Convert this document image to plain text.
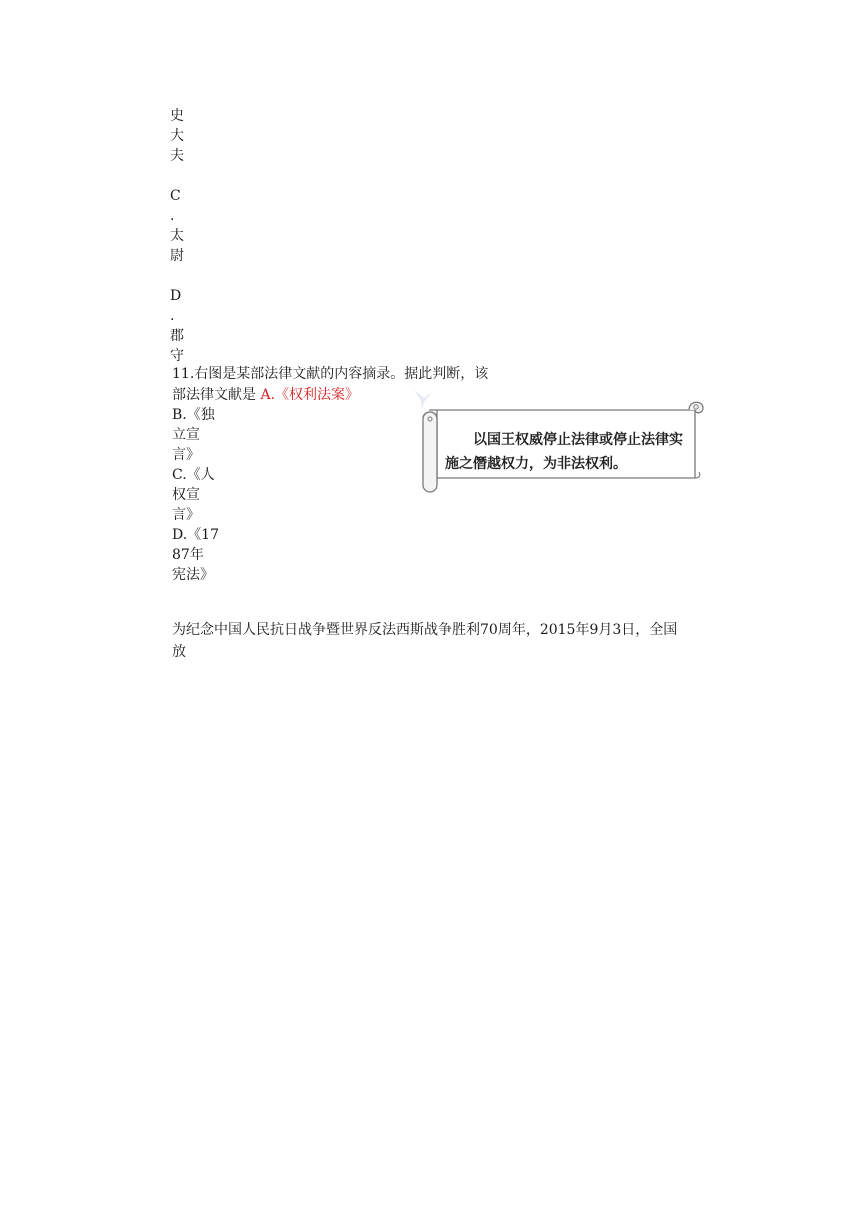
史
大
夫
C
.
太
尉
D
.
郡
守
11.右图是某部法律文献的内容摘录。据此判断，该
部法律文献是 A.《权利法案》
B.《独
立宣
言》
C.《人
权宣
言》
D.《17
87年
宪法》
以国王权威停止法律或停止法律实施之僭越权力，为非法权利。
为纪念中国人民抗日战争暨世界反法西斯战争胜利70周年，2015年9月3日，全国
放
